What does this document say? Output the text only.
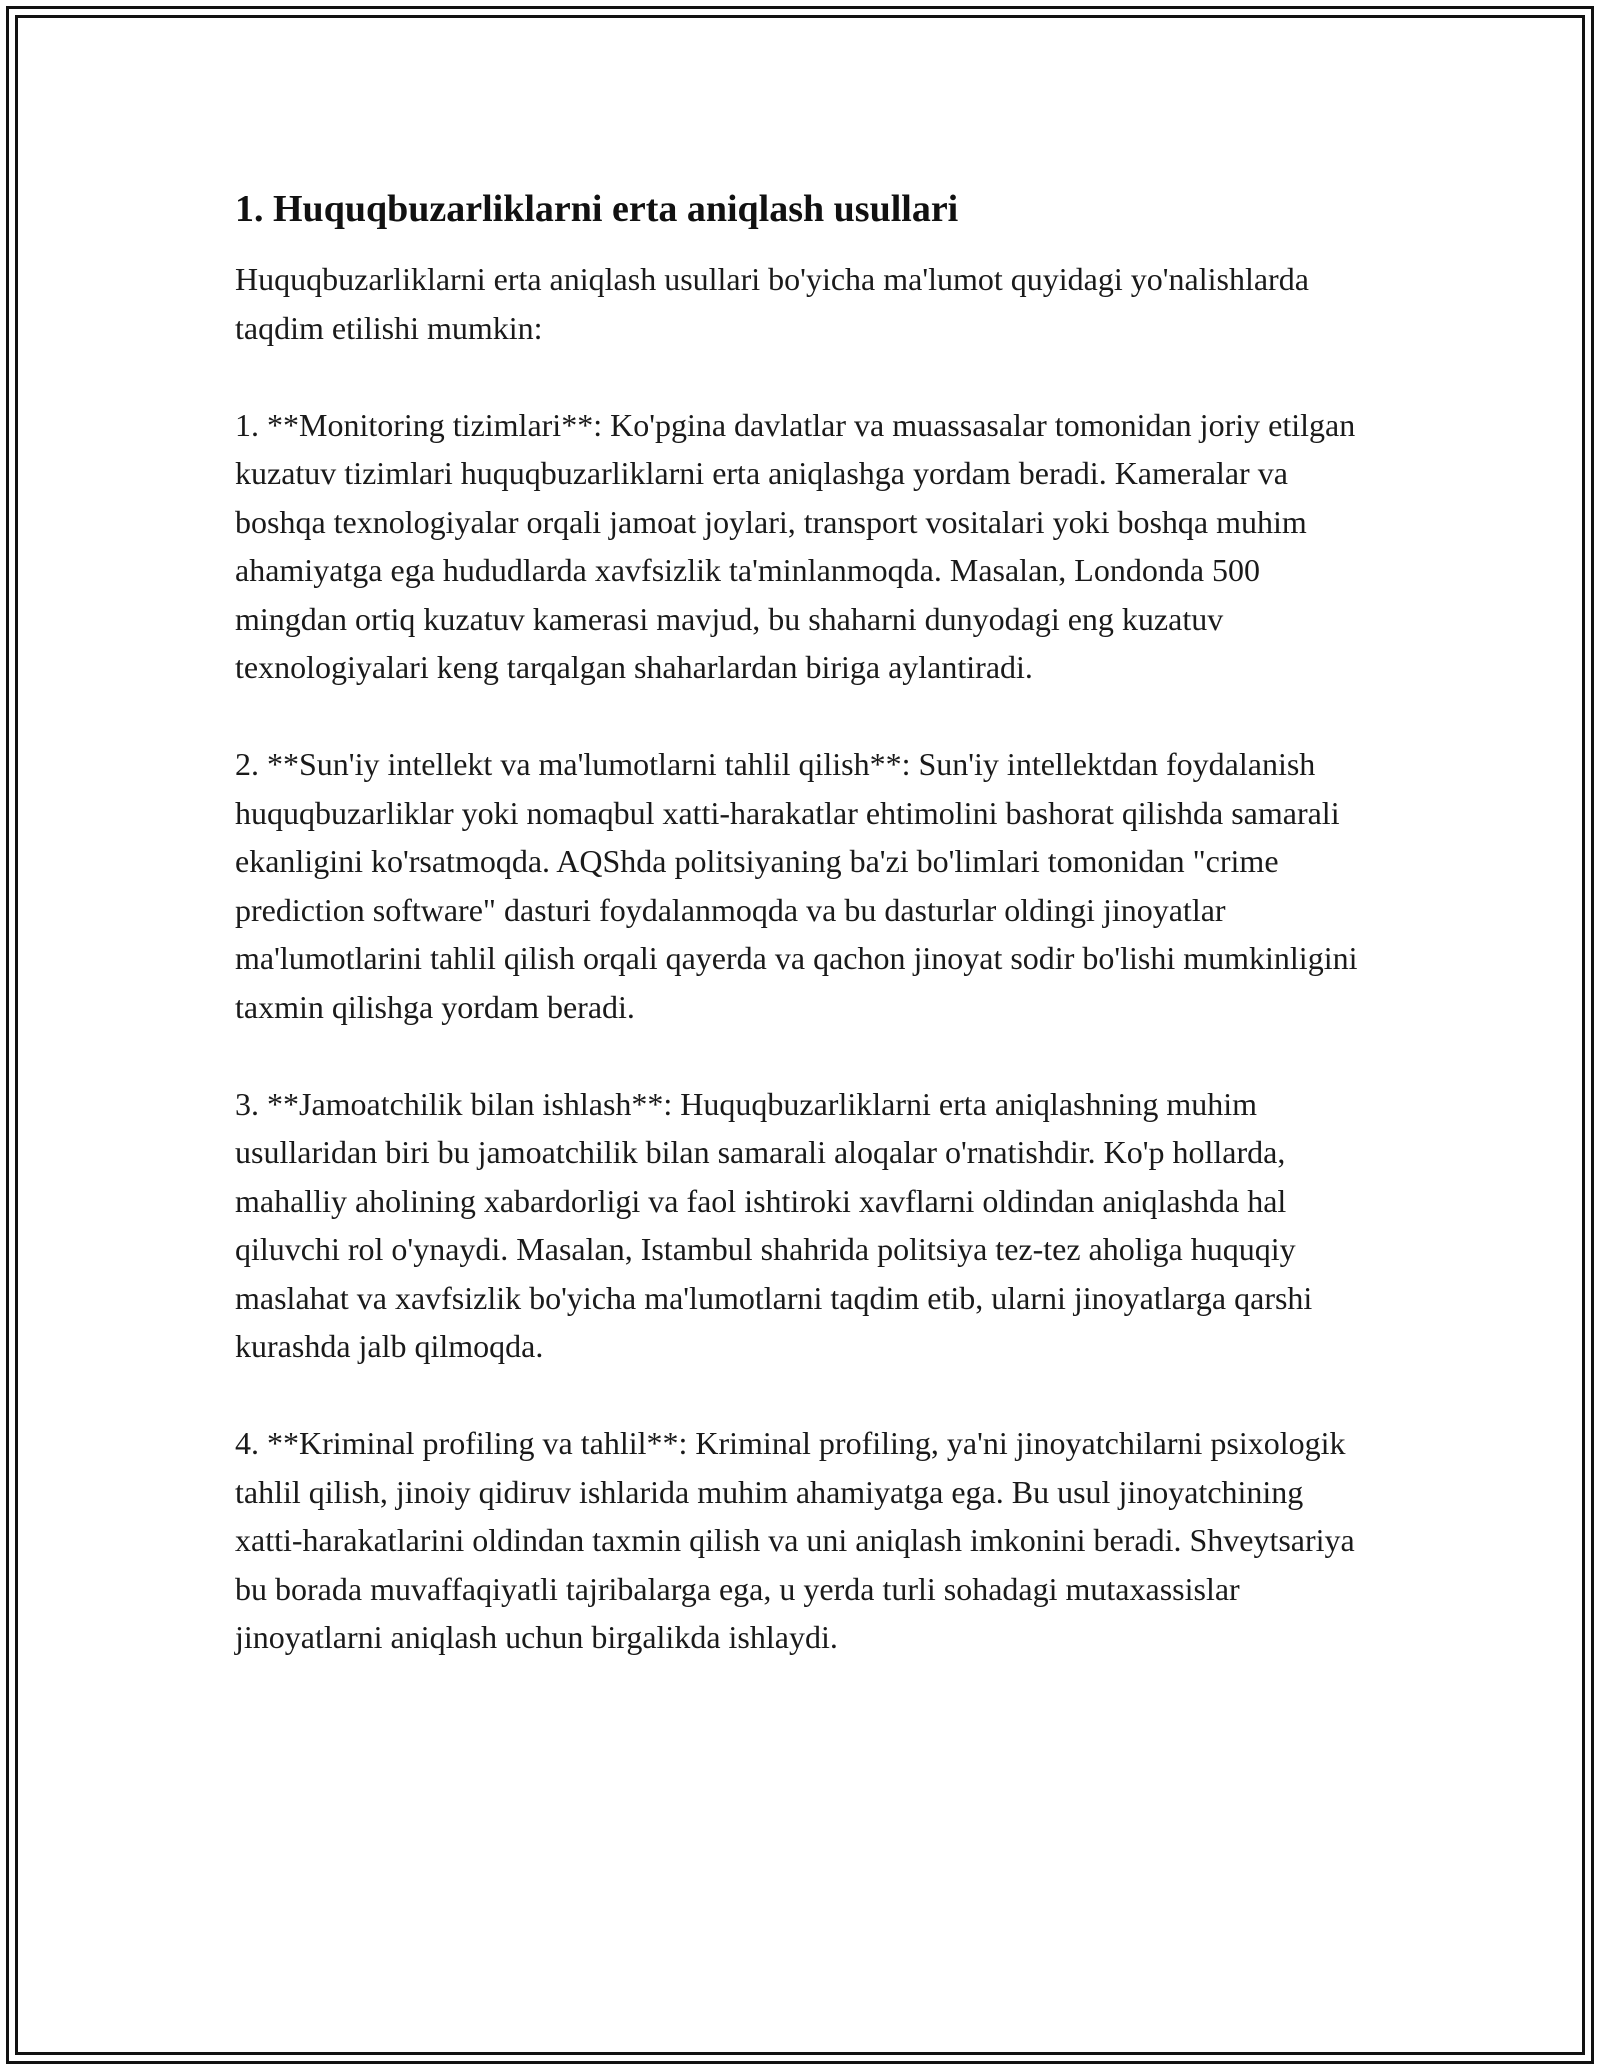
1. Huquqbuzarliklarni erta aniqlash usullari

Huquqbuzarliklarni erta aniqlash usullari bo'yicha ma'lumot quyidagi yo'nalishlarda taqdim etilishi mumkin:

1. **Monitoring tizimlari**: Ko'pgina davlatlar va muassasalar tomonidan joriy etilgan kuzatuv tizimlari huquqbuzarliklarni erta aniqlashga yordam beradi. Kameralar va boshqa texnologiyalar orqali jamoat joylari, transport vositalari yoki boshqa muhim ahamiyatga ega hududlarda xavfsizlik ta'minlanmoqda. Masalan, Londonda 500 mingdan ortiq kuzatuv kamerasi mavjud, bu shaharni dunyodagi eng kuzatuv texnologiyalari keng tarqalgan shaharlardan biriga aylantiradi.

2. **Sun'iy intellekt va ma'lumotlarni tahlil qilish**: Sun'iy intellektdan foydalanish huquqbuzarliklar yoki nomaqbul xatti-harakatlar ehtimolini bashorat qilishda samarali ekanligini ko'rsatmoqda. AQShda politsiyaning ba'zi bo'limlari tomonidan "crime prediction software" dasturi foydalanmoqda va bu dasturlar oldingi jinoyatlar ma'lumotlarini tahlil qilish orqali qayerda va qachon jinoyat sodir bo'lishi mumkinligini taxmin qilishga yordam beradi.

3. **Jamoatchilik bilan ishlash**: Huquqbuzarliklarni erta aniqlashning muhim usullaridan biri bu jamoatchilik bilan samarali aloqalar o'rnatishdir. Ko'p hollarda, mahalliy aholining xabardorligi va faol ishtiroki xavflarni oldindan aniqlashda hal qiluvchi rol o'ynaydi. Masalan, Istambul shahrida politsiya tez-tez aholiga huquqiy maslahat va xavfsizlik bo'yicha ma'lumotlarni taqdim etib, ularni jinoyatlarga qarshi kurashda jalb qilmoqda.

4. **Kriminal profiling va tahlil**: Kriminal profiling, ya'ni jinoyatchilarni psixologik tahlil qilish, jinoiy qidiruv ishlarida muhim ahamiyatga ega. Bu usul jinoyatchining xatti-harakatlarini oldindan taxmin qilish va uni aniqlash imkonini beradi. Shveytsariya bu borada muvaffaqiyatli tajribalarga ega, u yerda turli sohadagi mutaxassislar jinoyatlarni aniqlash uchun birgalikda ishlaydi.
